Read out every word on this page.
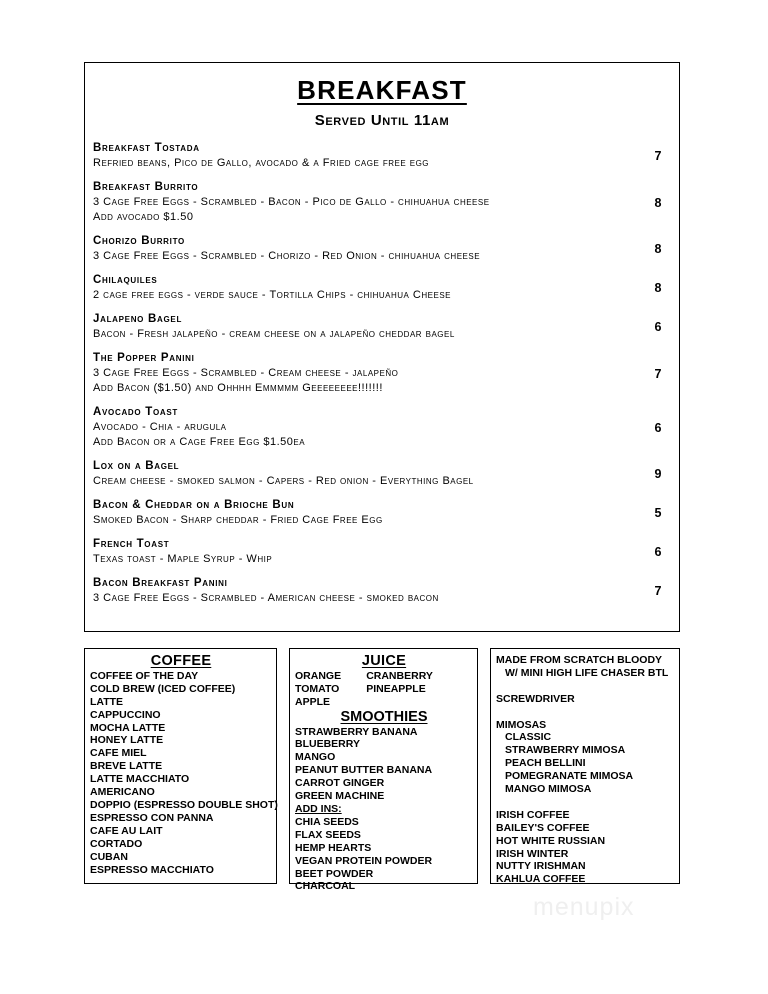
BREAKFAST
Served Until 11am
Breakfast Tostada
Refried beans, Pico de Gallo, avocado & a Fried cage free egg	7
Breakfast Burrito
3 Cage Free Eggs - Scrambled - Bacon - Pico de Gallo - chihuahua cheese
Add avocado $1.50
8
Chorizo Burrito
3 Cage Free Eggs - Scrambled - Chorizo - Red Onion - chihuahua cheese	8
Chilaquiles
2 cage free eggs - verde sauce - Tortilla Chips - chihuahua Cheese	8
Jalapeno Bagel
Bacon - Fresh jalapeño - cream cheese on a jalapeño cheddar bagel	6
The Popper Panini
3 Cage Free Eggs - Scrambled - Cream cheese - jalapeño
Add Bacon ($1.50) and Ohhhh Emmmmm Geeeeeeee!!!!!!!
7
Avocado Toast
Avocado - Chia - arugula
Add Bacon or a Cage Free Egg $1.50ea
6
Lox on a Bagel
Cream cheese - smoked salmon - Capers - Red onion - Everything Bagel	9
Bacon & Cheddar on a Brioche Bun
Smoked Bacon - Sharp cheddar - Fried Cage Free Egg	5
French Toast
Texas toast - Maple Syrup - Whip	6
Bacon Breakfast Panini
3 Cage Free Eggs - Scrambled - American cheese - smoked bacon	7
COFFEE
COFFEE OF THE DAY
COLD BREW (ICED COFFEE)
LATTE
CAPPUCCINO
MOCHA LATTE
HONEY LATTE
CAFE MIEL
BREVE LATTE
LATTE MACCHIATO
AMERICANO
DOPPIO (ESPRESSO DOUBLE SHOT)
ESPRESSO CON PANNA
CAFE AU LAIT
CORTADO
CUBAN
ESPRESSO MACCHIATO
JUICE
ORANGE
TOMATO
APPLE
CRANBERRY
PINEAPPLE
SMOOTHIES
STRAWBERRY BANANA
BLUEBERRY
MANGO
PEANUT BUTTER BANANA
CARROT GINGER
GREEN MACHINE
ADD INS:
CHIA SEEDS
FLAX SEEDS
HEMP HEARTS
VEGAN PROTEIN POWDER
BEET POWDER
CHARCOAL
MADE FROM SCRATCH BLOODY
W/ MINI HIGH LIFE CHASER BTL
SCREWDRIVER
MIMOSAS
CLASSIC
STRAWBERRY MIMOSA
PEACH BELLINI
POMEGRANATE MIMOSA
MANGO MIMOSA
IRISH COFFEE
BAILEY'S COFFEE
HOT WHITE RUSSIAN
IRISH WINTER
NUTTY IRISHMAN
KAHLUA COFFEE
menupix
